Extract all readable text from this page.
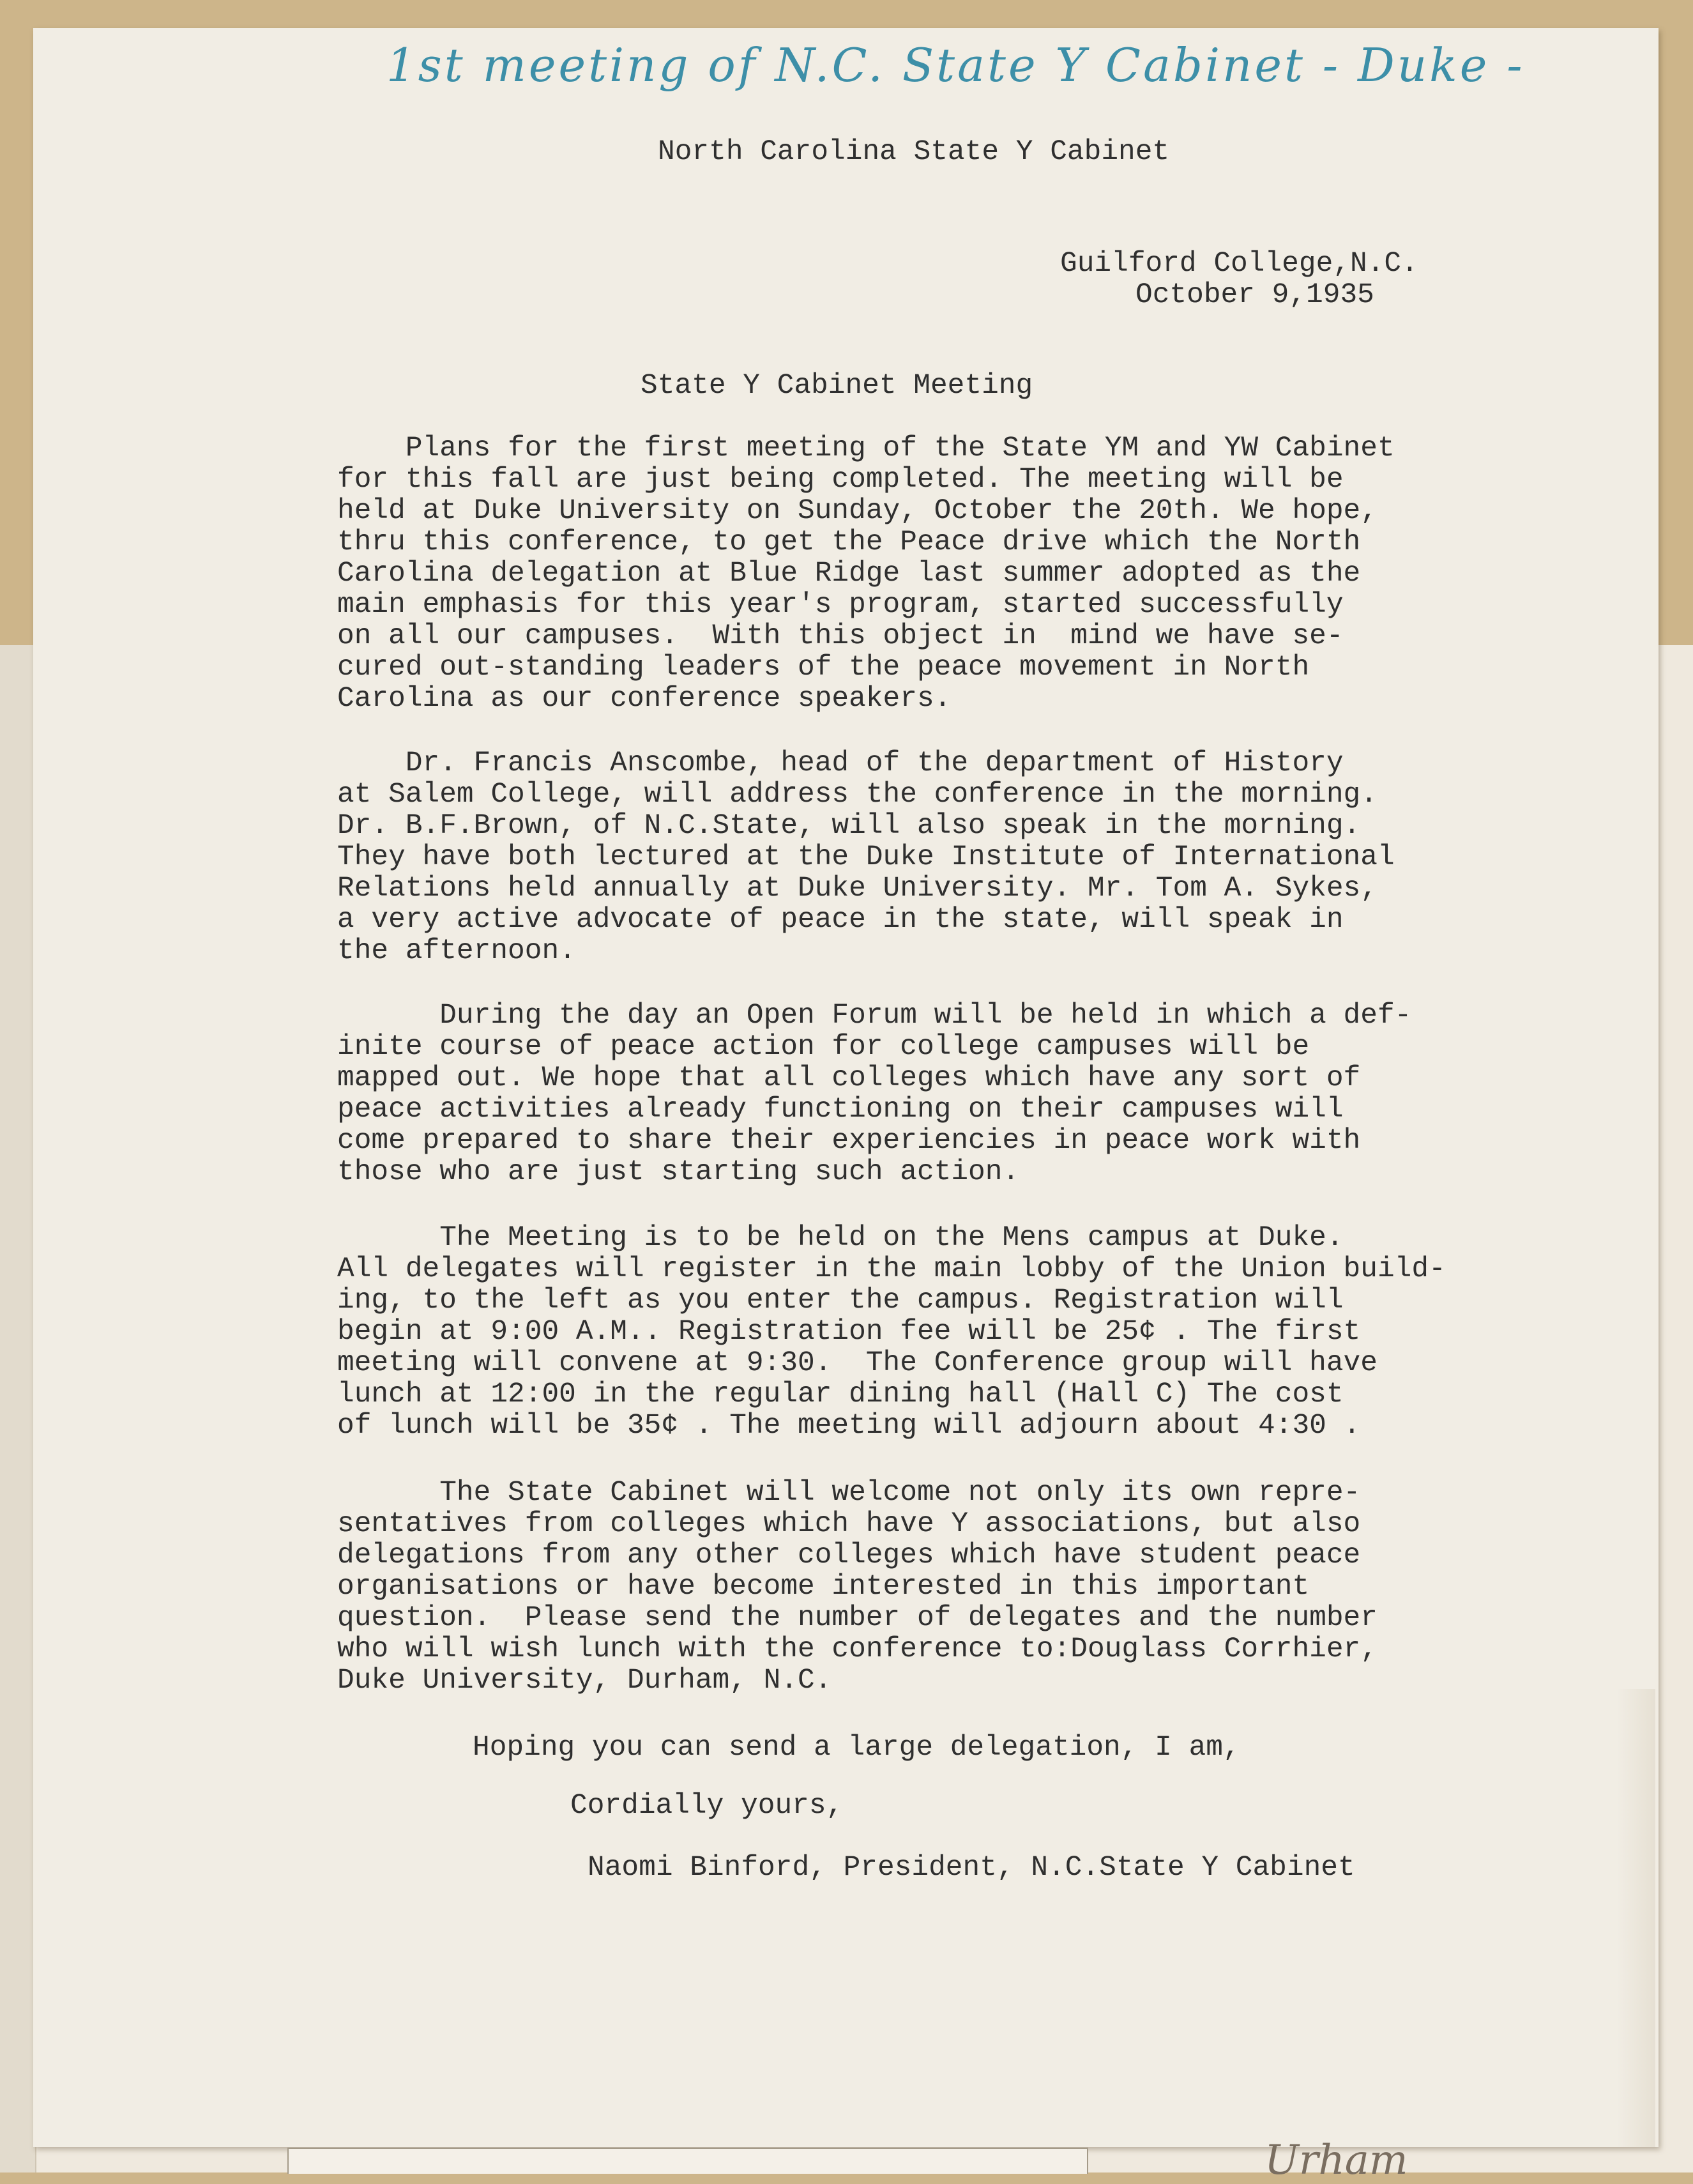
1st meeting of N.C. State Y Cabinet - Duke -
North Carolina State Y Cabinet
Guilford College,N.C.
October 9,1935
State Y Cabinet Meeting
Plans for the first meeting of the State YM and YW Cabinet
for this fall are just being completed. The meeting will be
held at Duke University on Sunday, October the 20th. We hope,
thru this conference, to get the Peace drive which the North
Carolina delegation at Blue Ridge last summer adopted as the
main emphasis for this year's program, started successfully
on all our campuses.  With this object in  mind we have se-
cured out-standing leaders of the peace movement in North
Carolina as our conference speakers.
Dr. Francis Anscombe, head of the department of History
at Salem College, will address the conference in the morning.
Dr. B.F.Brown, of N.C.State, will also speak in the morning.
They have both lectured at the Duke Institute of International
Relations held annually at Duke University. Mr. Tom A. Sykes,
a very active advocate of peace in the state, will speak in
the afternoon.
During the day an Open Forum will be held in which a def-
inite course of peace action for college campuses will be
mapped out. We hope that all colleges which have any sort of
peace activities already functioning on their campuses will
come prepared to share their experiencies in peace work with
those who are just starting such action.
The Meeting is to be held on the Mens campus at Duke.
All delegates will register in the main lobby of the Union build-
ing, to the left as you enter the campus. Registration will
begin at 9:00 A.M.. Registration fee will be 25¢ . The first
meeting will convene at 9:30.  The Conference group will have
lunch at 12:00 in the regular dining hall (Hall C) The cost
of lunch will be 35¢ . The meeting will adjourn about 4:30 .
The State Cabinet will welcome not only its own repre-
sentatives from colleges which have Y associations, but also
delegations from any other colleges which have student peace
organisations or have become interested in this important
question.  Please send the number of delegates and the number
who will wish lunch with the conference to:Douglass Corrhier,
Duke University, Durham, N.C.
Hoping you can send a large delegation, I am,
Cordially yours,
Naomi Binford, President, N.C.State Y Cabinet
Urham
